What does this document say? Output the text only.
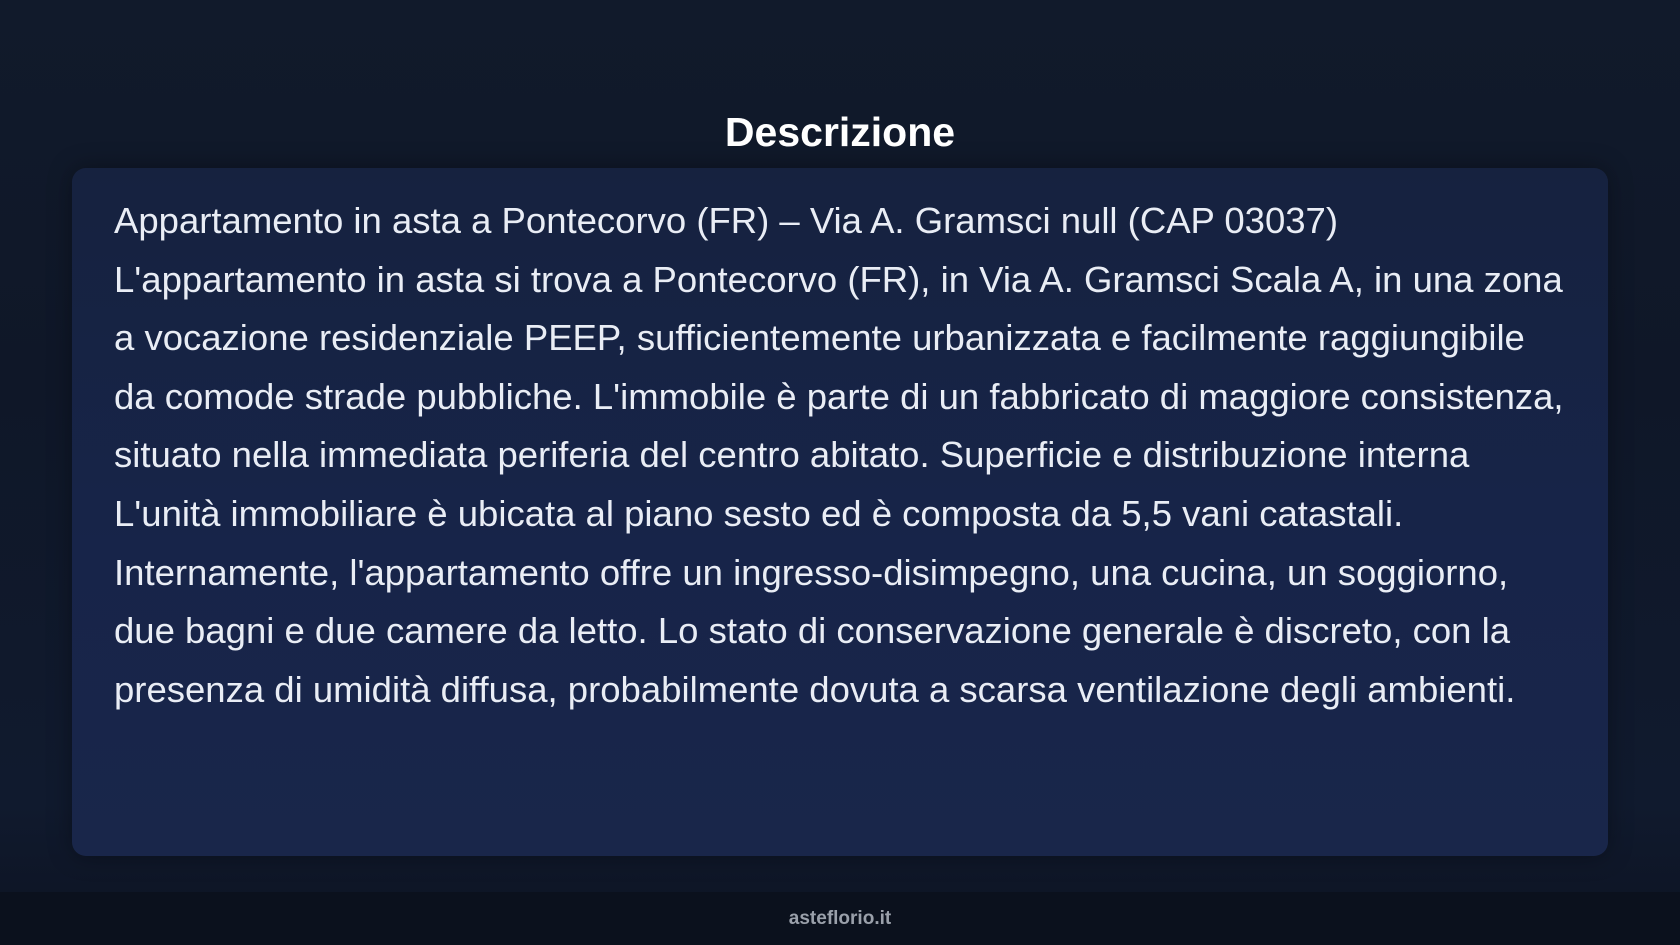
Descrizione

Appartamento in asta a Pontecorvo (FR) – Via A. Gramsci null (CAP 03037) L'appartamento in asta si trova a Pontecorvo (FR), in Via A. Gramsci Scala A, in una zona a vocazione residenziale PEEP, sufficientemente urbanizzata e facilmente raggiungibile da comode strade pubbliche. L'immobile è parte di un fabbricato di maggiore consistenza, situato nella immediata periferia del centro abitato. Superficie e distribuzione interna L'unità immobiliare è ubicata al piano sesto ed è composta da 5,5 vani catastali. Internamente, l'appartamento offre un ingresso-disimpegno, una cucina, un soggiorno, due bagni e due camere da letto. Lo stato di conservazione generale è discreto, con la presenza di umidità diffusa, probabilmente dovuta a scarsa ventilazione degli ambienti.

asteflorio.it
